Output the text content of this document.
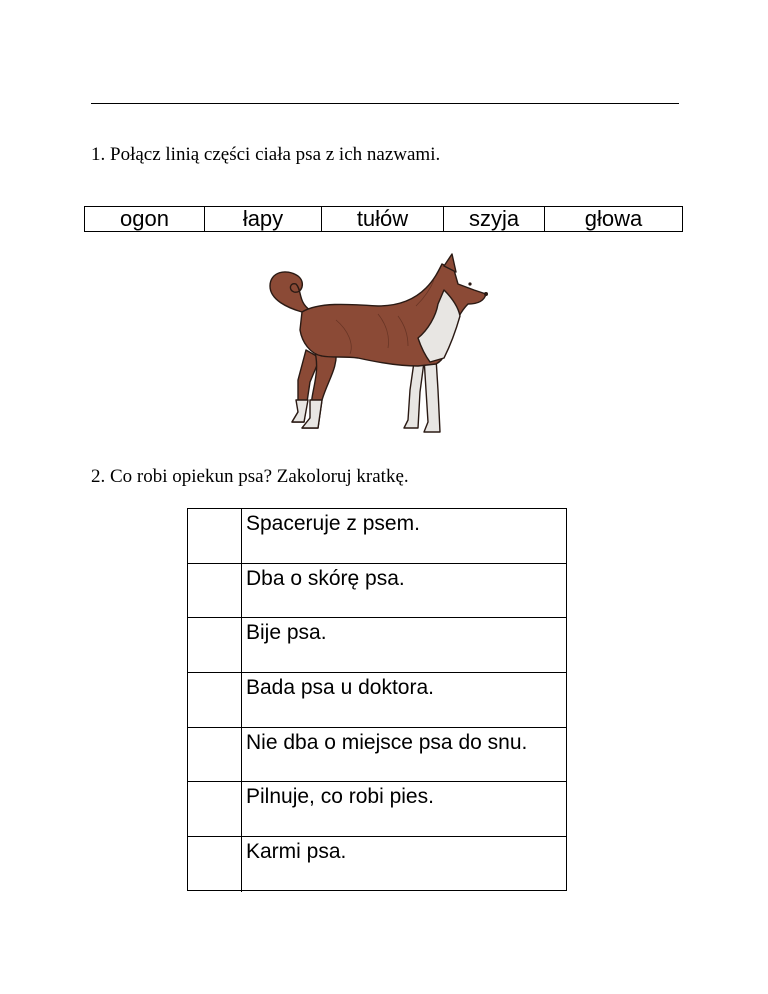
1. Połącz linią części ciała psa z ich nazwami.
ogon	łapy	tułów	szyja	głowa
2. Co robi opiekun psa? Zakoloruj kratkę.
Spaceruje z psem.
Dba o skórę psa.
Bije psa.
Bada psa u doktora.
Nie dba o miejsce psa do snu.
Pilnuje, co robi pies.
Karmi psa.
